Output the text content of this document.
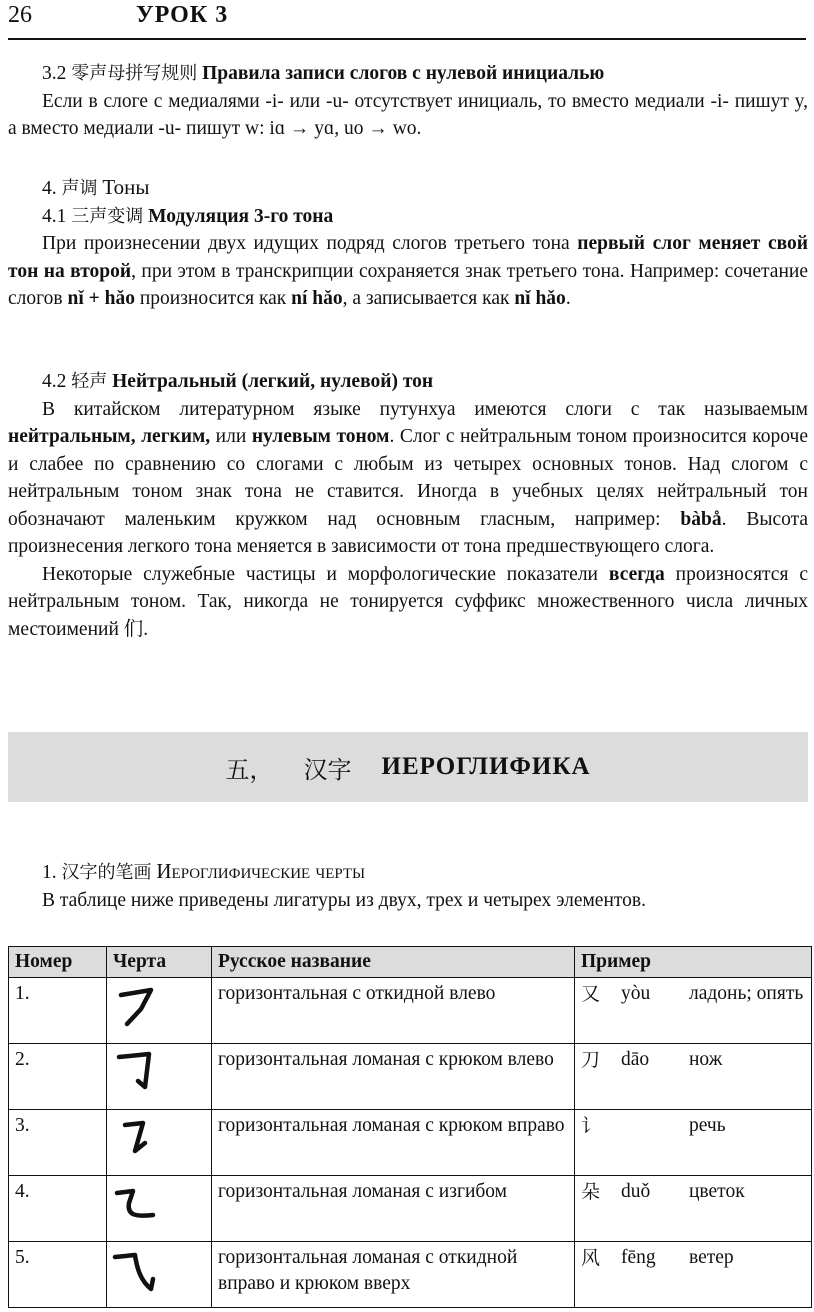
26	УРОК 3

3.2 零声母拼写规则 Правила записи слогов с нулевой инициалью

Если в слоге с медиалями -i- или -u- отсутствует инициаль, то вместо медиали -i- пишут y, а вместо медиали -u- пишут w: iɑ → yɑ, uo → wo.

4. 声调 Тоны

4.1 三声变调 Модуляция 3-го тона

При произнесении двух идущих подряд слогов третьего тона первый слог меняет свой тон на второй, при этом в транскрипции сохраняется знак третьего тона. Например: сочетание слогов nǐ + hǎo произносится как ní hǎo, а записывается как nǐ hǎo.

4.2 轻声 Нейтральный (легкий, нулевой) тон

В китайском литературном языке путунхуа имеются слоги с так называемым нейтральным, легким, или нулевым тоном. Слог с нейтральным тоном произносится короче и слабее по сравнению со слогами с любым из четырех основных тонов. Над слогом с нейтральным тоном знак тона не ставится. Иногда в учебных целях нейтральный тон обозначают маленьким кружком над основным гласным, например: bàbå. Высота произнесения легкого тона меняется в зависимости от тона предшествующего слога.

Некоторые служебные частицы и морфологические показатели всегда произносятся с нейтральным тоном. Так, никогда не тонируется суффикс множественного числа личных местоимений 们.

五， 汉字 ИЕРОГЛИФИКА

1. 汉字的笔画 Иероглифические черты

В таблице ниже приведены лигатуры из двух, трех и четырех элементов.

Номер	Черта	Русское название	Пример
1.		горизонтальная с откидной влево	又 yòu ладонь; опять

2.		горизонтальная ломаная с крюком влево	刀 dāo нож

3.		горизонтальная ломаная с крюком вправо	讠 речь

4.		горизонтальная ломаная с изгибом	朵 duǒ цветок

5.		горизонтальная ломаная с откидной вправо и крюком вверх	风 fēng ветер
